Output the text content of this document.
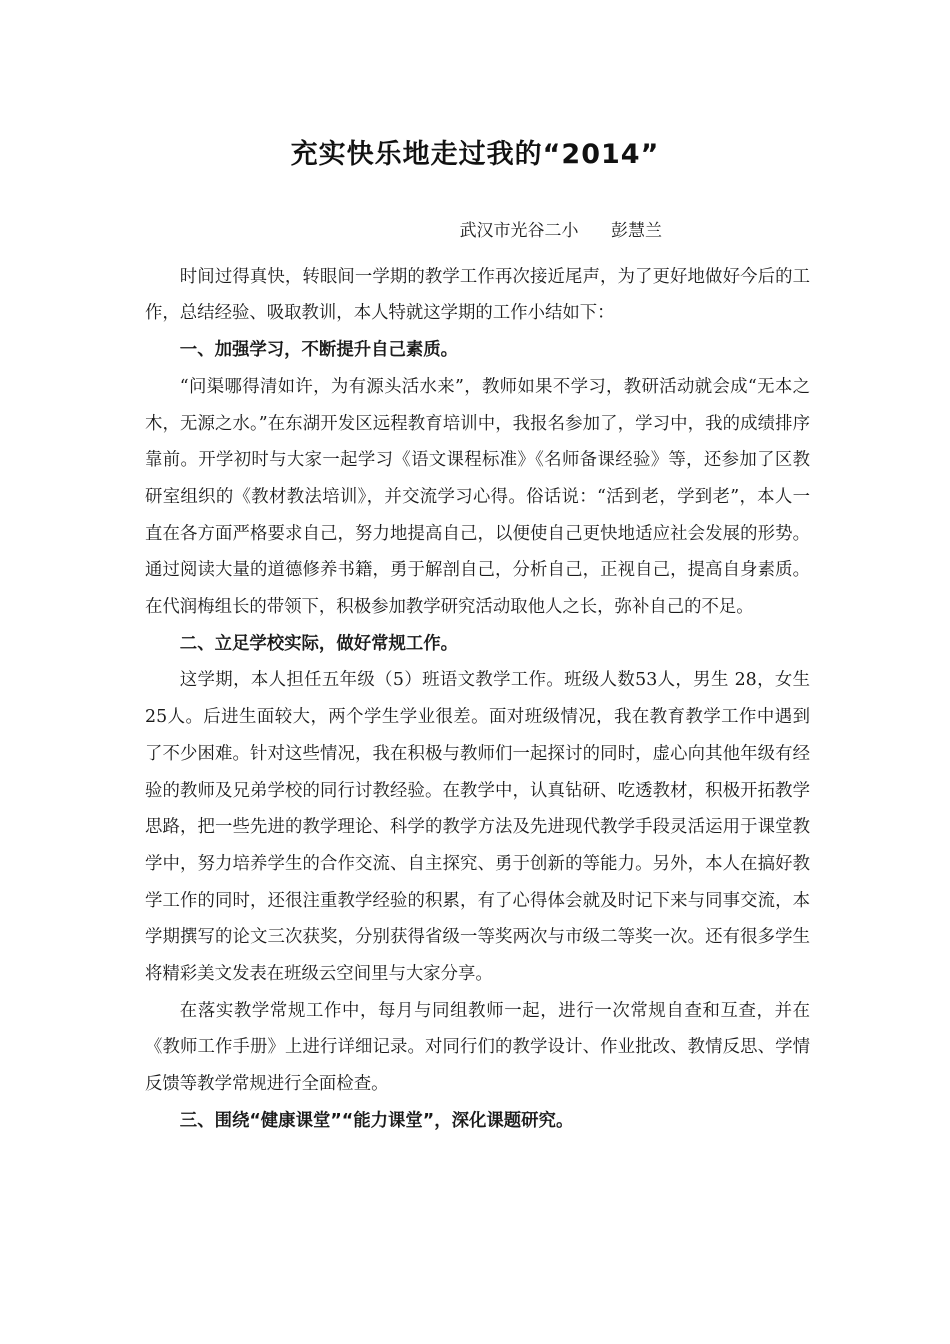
充实快乐地走过我的“2014”
武汉市光谷二小      彭慧兰

时间过得真快，转眼间一学期的教学工作再次接近尾声，为了更好地做好今后的工作，总结经验、吸取教训，本人特就这学期的工作小结如下：

一、加强学习，不断提升自己素质。

“问渠哪得清如许，为有源头活水来”，教师如果不学习，教研活动就会成“无本之木，无源之水。”在东湖开发区远程教育培训中，我报名参加了，学习中，我的成绩排序靠前。开学初时与大家一起学习《语文课程标准》《名师备课经验》等，还参加了区教研室组织的《教材教法培训》，并交流学习心得。俗话说：“活到老，学到老”，本人一直在各方面严格要求自己，努力地提高自己，以便使自己更快地适应社会发展的形势。通过阅读大量的道德修养书籍，勇于解剖自己，分析自己，正视自己，提高自身素质。在代润梅组长的带领下，积极参加教学研究活动取他人之长，弥补自己的不足。

二、立足学校实际，做好常规工作。

这学期，本人担任五年级（5）班语文教学工作。班级人数53人，男生 28，女生25人。后进生面较大，两个学生学业很差。面对班级情况，我在教育教学工作中遇到了不少困难。针对这些情况，我在积极与教师们一起探讨的同时，虚心向其他年级有经验的教师及兄弟学校的同行讨教经验。在教学中，认真钻研、吃透教材，积极开拓教学思路，把一些先进的教学理论、科学的教学方法及先进现代教学手段灵活运用于课堂教学中，努力培养学生的合作交流、自主探究、勇于创新的等能力。另外，本人在搞好教学工作的同时，还很注重教学经验的积累，有了心得体会就及时记下来与同事交流，本学期撰写的论文三次获奖，分别获得省级一等奖两次与市级二等奖一次。还有很多学生将精彩美文发表在班级云空间里与大家分享。

在落实教学常规工作中，每月与同组教师一起，进行一次常规自查和互查，并在《教师工作手册》上进行详细记录。对同行们的教学设计、作业批改、教情反思、学情反馈等教学常规进行全面检查。

三、围绕“健康课堂”“能力课堂”，深化课题研究。
